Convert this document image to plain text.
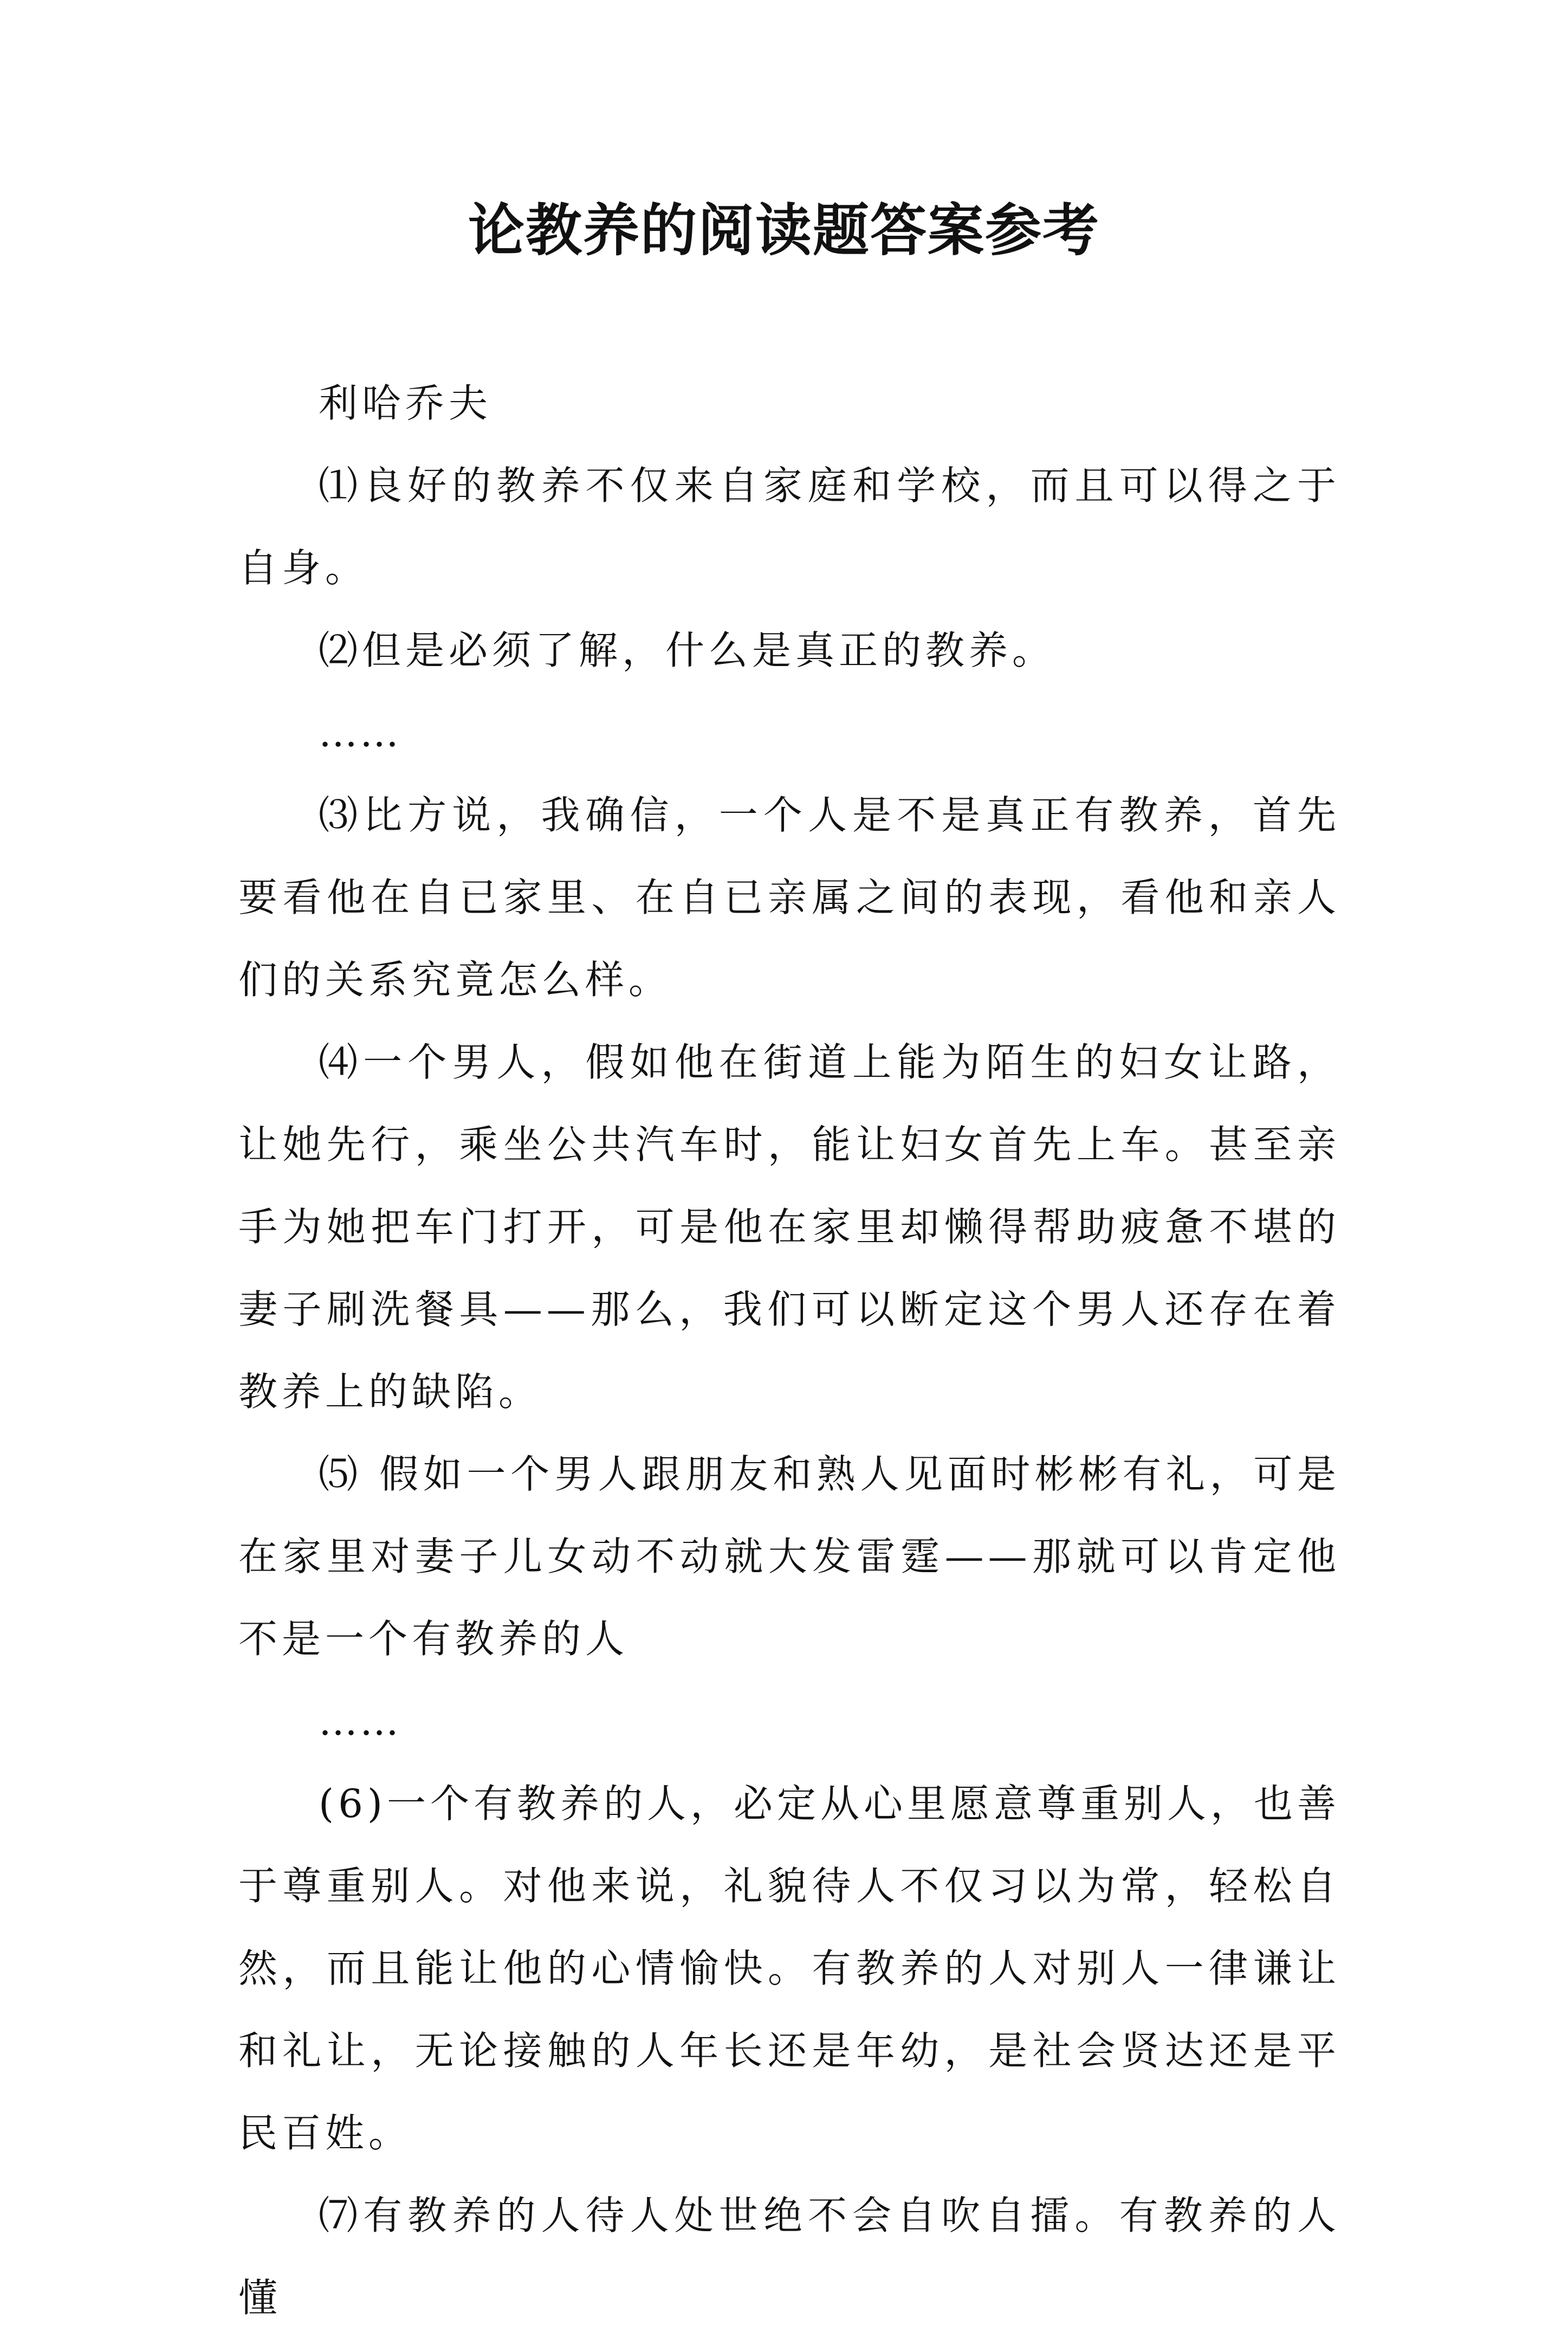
论教养的阅读题答案参考

利哈乔夫

⑴良好的教养不仅来自家庭和学校，而且可以得之于自身。

⑵但是必须了解，什么是真正的教养。

……

⑶比方说，我确信，一个人是不是真正有教养，首先要看他在自已家里、在自已亲属之间的表现，看他和亲人们的关系究竟怎么样。

⑷一个男人，假如他在街道上能为陌生的妇女让路，让她先行，乘坐公共汽车时，能让妇女首先上车。甚至亲手为她把车门打开，可是他在家里却懒得帮助疲惫不堪的妻子刷洗餐具——那么，我们可以断定这个男人还存在着教养上的缺陷。

⑸ 假如一个男人跟朋友和熟人见面时彬彬有礼，可是在家里对妻子儿女动不动就大发雷霆——那就可以肯定他不是一个有教养的人

……

(6)一个有教养的人，必定从心里愿意尊重别人，也善于尊重别人。对他来说，礼貌待人不仅习以为常，轻松自然，而且能让他的心情愉快。有教养的人对别人一律谦让和礼让，无论接触的人年长还是年幼，是社会贤达还是平民百姓。

⑺有教养的人待人处世绝不会自吹自擂。有教养的人懂
